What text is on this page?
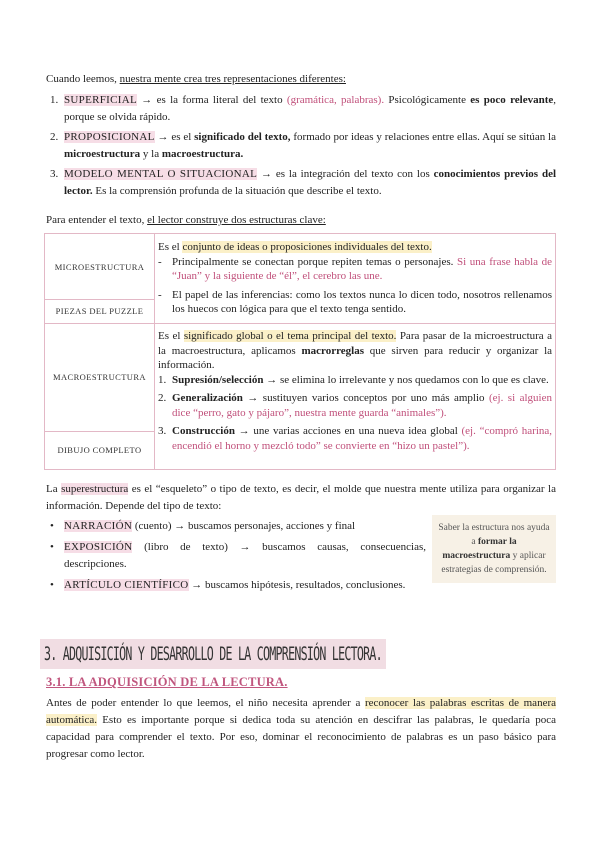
Cuando leemos, nuestra mente crea tres representaciones diferentes:
1. SUPERFICIAL → es la forma literal del texto (gramática, palabras). Psicológicamente es poco relevante, porque se olvida rápido.
2. PROPOSICIONAL → es el significado del texto, formado por ideas y relaciones entre ellas. Aquí se sitúan la microestructura y la macroestructura.
3. MODELO MENTAL O SITUACIONAL → es la integración del texto con los conocimientos previos del lector. Es la comprensión profunda de la situación que describe el texto.
Para entender el texto, el lector construye dos estructuras clave:
MICROESTRUCTURA
PIEZAS DEL PUZZLE
MACROESTRUCTURA
DIBUJO COMPLETO
Es el conjunto de ideas o proposiciones individuales del texto.
- Principalmente se conectan porque repiten temas o personajes. Si una frase habla de “Juan” y la siguiente de “él”, el cerebro las une.
- El papel de las inferencias: como los textos nunca lo dicen todo, nosotros rellenamos los huecos con lógica para que el texto tenga sentido.
Es el significado global o el tema principal del texto. Para pasar de la microestructura a la macroestructura, aplicamos macrorreglas que sirven para reducir y organizar la información.
1. Supresión/selección → se elimina lo irrelevante y nos quedamos con lo que es clave.
2. Generalización → sustituyen varios conceptos por uno más amplio (ej. si alguien dice “perro, gato y pájaro”, nuestra mente guarda “animales”).
3. Construcción → une varias acciones en una nueva idea global (ej. “compró harina, encendió el horno y mezcló todo” se convierte en “hizo un pastel”).
La superestructura es el “esqueleto” o tipo de texto, es decir, el molde que nuestra mente utiliza para organizar la información. Depende del tipo de texto:
• NARRACIÓN (cuento) → buscamos personajes, acciones y final
• EXPOSICIÓN (libro de texto) → buscamos causas, consecuencias, descripciones.
• ARTÍCULO CIENTÍFICO → buscamos hipótesis, resultados, conclusiones.
Saber la estructura nos ayuda a formar la macroestructura y aplicar estrategias de comprensión.
3. ADQUISICIÓN Y DESARROLLO DE LA COMPRENSIÓN LECTORA.
3.1. LA ADQUISICIÓN DE LA LECTURA.
Antes de poder entender lo que leemos, el niño necesita aprender a reconocer las palabras escritas de manera automática. Esto es importante porque si dedica toda su atención en descifrar las palabras, le quedaría poca capacidad para comprender el texto. Por eso, dominar el reconocimiento de palabras es un paso básico para progresar como lector.
